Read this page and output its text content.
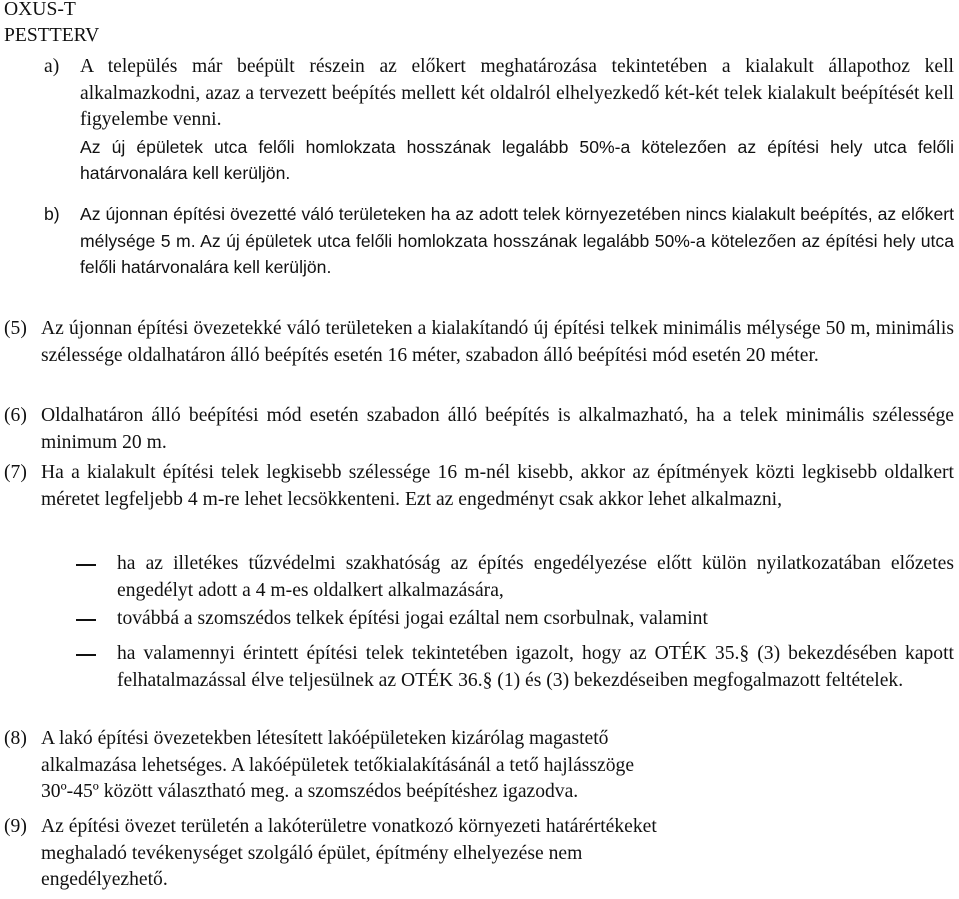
OXUS-T
PESTTERV
a) A település már beépült részein az előkert meghatározása tekintetében a kialakult állapothoz kell alkalmazkodni, azaz a tervezett beépítés mellett két oldalról elhelyezkedő két-két telek kialakult beépítését kell figyelembe venni.
Az új épületek utca felőli homlokzata hosszának legalább 50%-a kötelezően az építési hely utca felőli határvonalára kell kerüljön.
b) Az újonnan építési övezetté váló területeken ha az adott telek környezetében nincs kialakult beépítés, az előkert mélysége 5 m. Az új épületek utca felőli homlokzata hosszának legalább 50%-a kötelezően az építési hely utca felőli határvonalára kell kerüljön.
(5) Az újonnan építési övezetekké váló területeken a kialakítandó új építési telkek minimális mélysége 50 m, minimális szélessége oldalhatáron álló beépítés esetén 16 méter, szabadon álló beépítési mód esetén 20 méter.
(6) Oldalhatáron álló beépítési mód esetén szabadon álló beépítés is alkalmazható, ha a telek minimális szélessége minimum 20 m.
(7) Ha a kialakult építési telek legkisebb szélessége 16 m-nél kisebb, akkor az építmények közti legkisebb oldalkert méretet legfeljebb 4 m-re lehet lecsökkenteni. Ezt az engedményt csak akkor lehet alkalmazni,
ha az illetékes tűzvédelmi szakhatóság az építés engedélyezése előtt külön nyilatkozatában előzetes engedélyt adott a 4 m-es oldalkert alkalmazására,
továbbá a szomszédos telkek építési jogai ezáltal nem csorbulnak, valamint
ha valamennyi érintett építési telek tekintetében igazolt, hogy az OTÉK 35.§ (3) bekezdésében kapott felhatalmazással élve teljesülnek az OTÉK 36.§ (1) és (3) bekezdéseiben megfogalmazott feltételek.
(8) A lakó építési övezetekben létesített lakóépületeken kizárólag magastető
alkalmazása lehetséges. A lakóépületek tetőkialakításánál a tető hajlásszöge
30º-45º között választható meg. a szomszédos beépítéshez igazodva.
(9) Az építési övezet területén a lakóterületre vonatkozó környezeti határértékeket
meghaladó tevékenységet szolgáló épület, építmény elhelyezése nem
engedélyezhető.
